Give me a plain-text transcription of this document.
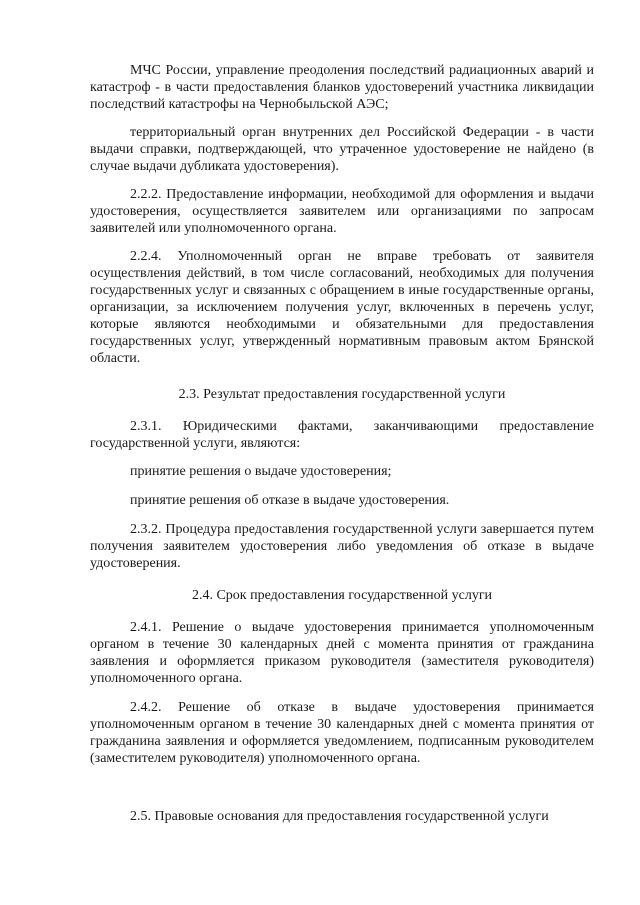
МЧС России, управление преодоления последствий радиационных аварий и катастроф - в части предоставления бланков удостоверений участника ликвидации последствий катастрофы на Чернобыльской АЭС;

территориальный орган внутренних дел Российской Федерации - в части выдачи справки, подтверждающей, что утраченное удостоверение не найдено (в случае выдачи дубликата удостоверения).

2.2.2. Предоставление информации, необходимой для оформления и выдачи удостоверения, осуществляется заявителем или организациями по запросам заявителей или уполномоченного органа.

2.2.4. Уполномоченный орган не вправе требовать от заявителя осуществления действий, в том числе согласований, необходимых для получения государственных услуг и связанных с обращением в иные государственные органы, организации, за исключением получения услуг, включенных в перечень услуг, которые являются необходимыми и обязательными для предоставления государственных услуг, утвержденный нормативным правовым актом Брянской области.

2.3. Результат предоставления государственной услуги

2.3.1. Юридическими фактами, заканчивающими предоставление государственной услуги, являются:

принятие решения о выдаче удостоверения;

принятие решения об отказе в выдаче удостоверения.

2.3.2. Процедура предоставления государственной услуги завершается путем получения заявителем удостоверения либо уведомления об отказе в выдаче удостоверения.

2.4. Срок предоставления государственной услуги

2.4.1. Решение о выдаче удостоверения принимается уполномоченным органом в течение 30 календарных дней с момента принятия от гражданина заявления и оформляется приказом руководителя (заместителя руководителя) уполномоченного органа.

2.4.2. Решение об отказе в выдаче удостоверения принимается уполномоченным органом в течение 30 календарных дней с момента принятия от гражданина заявления и оформляется уведомлением, подписанным руководителем (заместителем руководителя) уполномоченного органа.

2.5. Правовые основания для предоставления государственной услуги
